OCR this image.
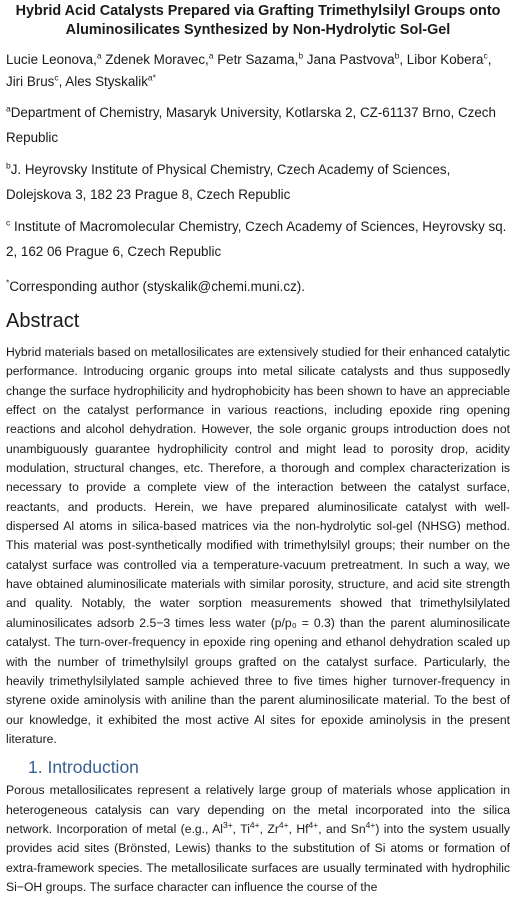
Hybrid Acid Catalysts Prepared via Grafting Trimethylsilyl Groups onto
Aluminosilicates Synthesized by Non-Hydrolytic Sol-Gel
Lucie Leonova,$^a$ Zdenek Moravec,$^a$ Petr Sazama,$^b$ Jana Pastvova$^b$, Libor Kobera$^c$, Jiri Brus$^c$, Ales Styskalik$^{a*}$
$^a$Department of Chemistry, Masaryk University, Kotlarska 2, CZ-61137 Brno, Czech Republic
$^b$J. Heyrovsky Institute of Physical Chemistry, Czech Academy of Sciences, Dolejskova 3, 182 23 Prague 8, Czech Republic
$^c$ Institute of Macromolecular Chemistry, Czech Academy of Sciences, Heyrovsky sq. 2, 162 06 Prague 6, Czech Republic
*Corresponding author (styskalik@chemi.muni.cz).
Abstract

Hybrid materials based on metallosilicates are extensively studied for their enhanced catalytic performance. Introducing organic groups into metal silicate catalysts and thus supposedly change the surface hydrophilicity and hydrophobicity has been shown to have an appreciable effect on the catalyst performance in various reactions, including epoxide ring opening reactions and alcohol dehydration. However, the sole organic groups introduction does not unambiguously guarantee hydrophilicity control and might lead to porosity drop, acidity modulation, structural changes, etc. Therefore, a thorough and complex characterization is necessary to provide a complete view of the interaction between the catalyst surface, reactants, and products. Herein, we have prepared aluminosilicate catalyst with well-dispersed Al atoms in silica-based matrices via the non-hydrolytic sol-gel (NHSG) method. This material was post-synthetically modified with trimethylsilyl groups; their number on the catalyst surface was controlled via a temperature-vacuum pretreatment. In such a way, we have obtained aluminosilicate materials with similar porosity, structure, and acid site strength and quality. Notably, the water sorption measurements showed that trimethylsilylated aluminosilicates adsorb 2.5−3 times less water (p/p₀ = 0.3) than the parent aluminosilicate catalyst. The turn-over-frequency in epoxide ring opening and ethanol dehydration scaled up with the number of trimethylsilyl groups grafted on the catalyst surface. Particularly, the heavily trimethylsilylated sample achieved three to five times higher turnover-frequency in styrene oxide aminolysis with aniline than the parent aluminosilicate material. To the best of our knowledge, it exhibited the most active Al sites for epoxide aminolysis in the present literature.

1. Introduction

Porous metallosilicates represent a relatively large group of materials whose application in heterogeneous catalysis can vary depending on the metal incorporated into the silica network. Incorporation of metal (e.g., $Al^{3+}$, $Ti^{4+}$, $Zr^{4+}$, $Hf^{4+}$, and $Sn^{4+}$) into the system usually provides acid sites (Brönsted, Lewis) thanks to the substitution of Si atoms or formation of extra-framework species. The metallosilicate surfaces are usually terminated with hydrophilic Si−OH groups. The surface character can influence the course of the
